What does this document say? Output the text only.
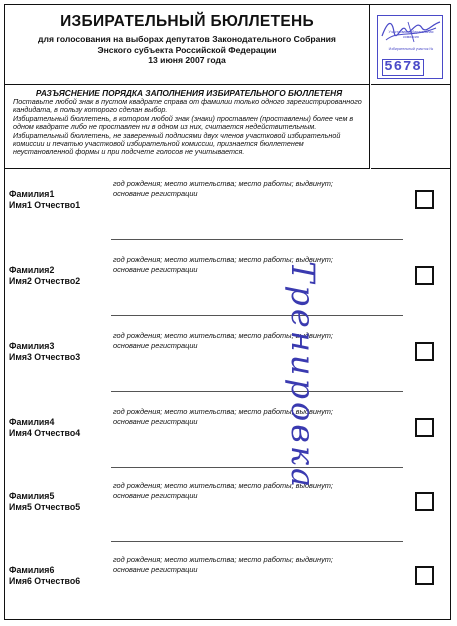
ИЗБИРАТЕЛЬНЫЙ БЮЛЛЕТЕНЬ
для голосования на выборах депутатов Законодательного Собрания
Энского субъекта Российской Федерации
13 июня 2007 года
Участковая избирательная комиссия
Избирательный участок №
5678
РАЗЪЯСНЕНИЕ ПОРЯДКА ЗАПОЛНЕНИЯ ИЗБИРАТЕЛЬНОГО БЮЛЛЕТЕНЯ

Поставьте любой знак в пустом квадрате справа от фамилии только одного зарегистрированного кандидата, в пользу которого сделан выбор.

Избирательный бюллетень, в котором любой знак (знаки) проставлен (проставлены) более чем в одном квадрате либо не проставлен ни в одном из них, считается недействительным.

Избирательный бюллетень, не заверенный подписями двух членов участковой избирательной комиссии и печатью участковой избирательной комиссии, признается бюллетенем неустановленной формы и при подсчете голосов не учитывается.

Фамилия1
Имя1 Отчество1
год рождения; место жительства; место работы; выдвинут; основание регистрации
Фамилия2
Имя2 Отчество2
год рождения; место жительства; место работы; выдвинут; основание регистрации
Фамилия3
Имя3 Отчество3
год рождения; место жительства; место работы; выдвинут; основание регистрации
Фамилия4
Имя4 Отчество4
год рождения; место жительства; место работы; выдвинут; основание регистрации
Фамилия5
Имя5 Отчество5
год рождения; место жительства; место работы; выдвинут; основание регистрации
Фамилия6
Имя6 Отчество6
год рождения; место жительства; место работы; выдвинут; основание регистрации
Тренировка
